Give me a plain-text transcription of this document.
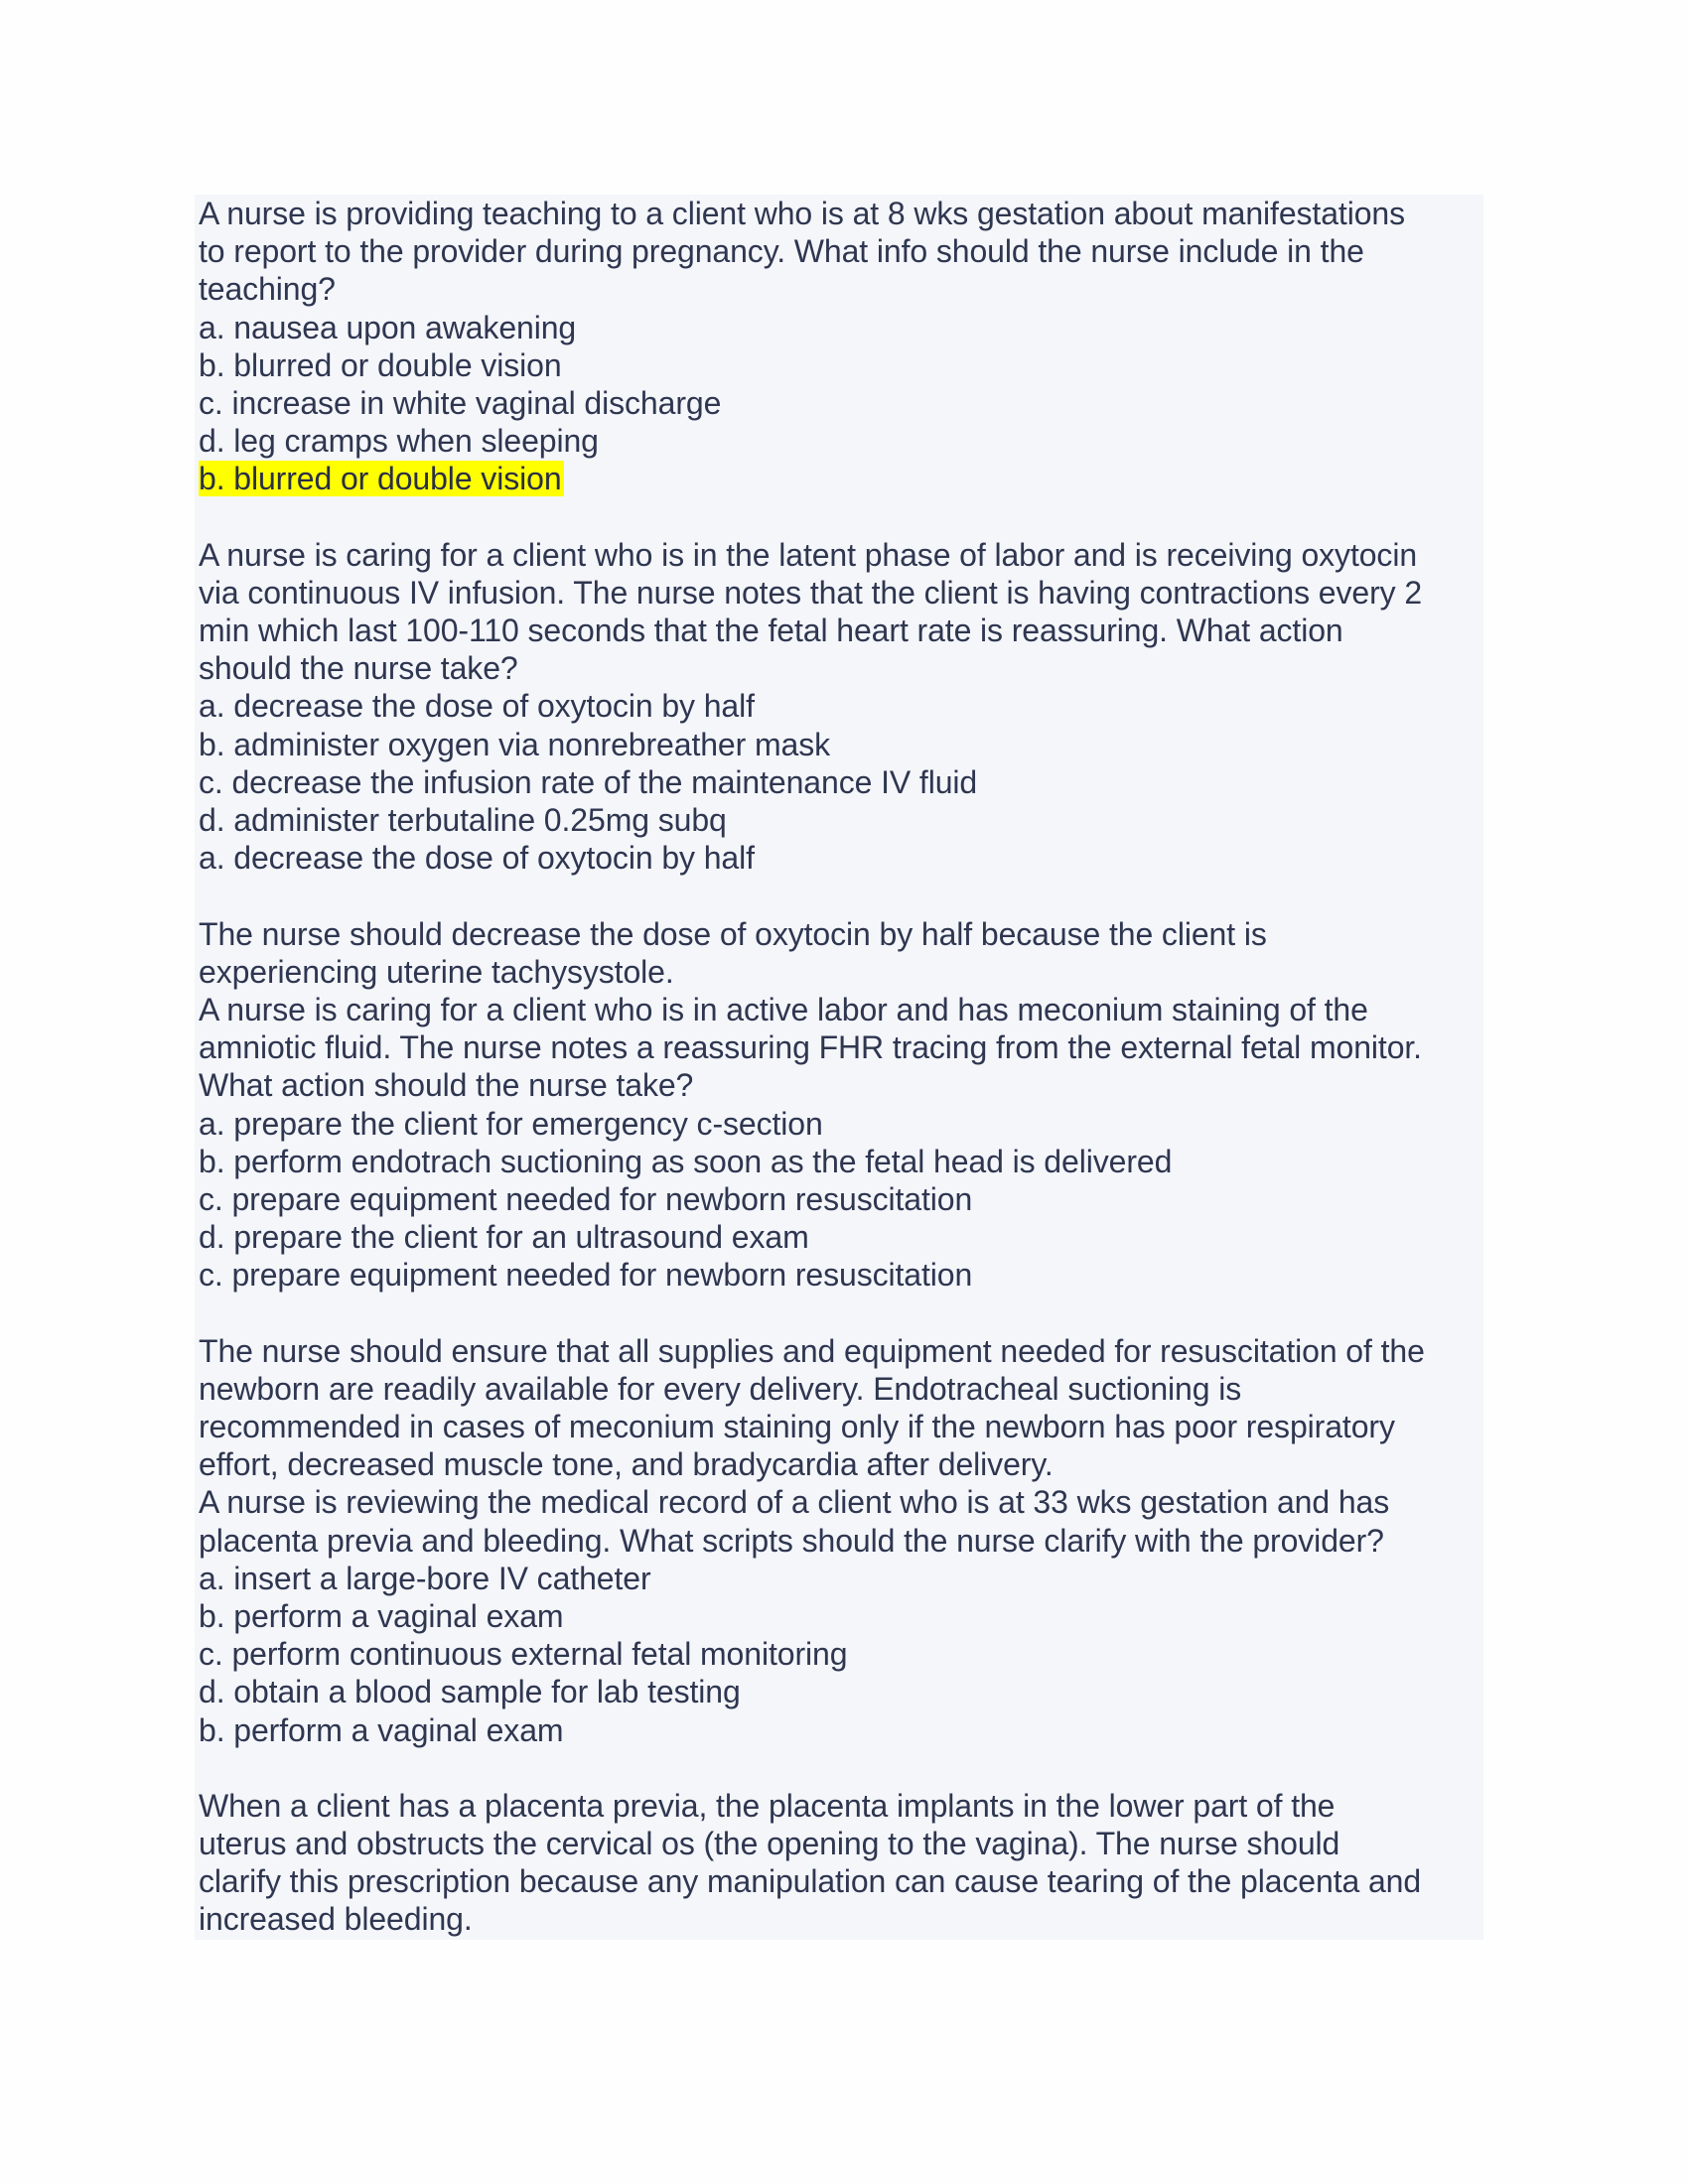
A nurse is providing teaching to a client who is at 8 wks gestation about manifestations
to report to the provider during pregnancy. What info should the nurse include in the
teaching?
a. nausea upon awakening
b. blurred or double vision
c. increase in white vaginal discharge
d. leg cramps when sleeping
b. blurred or double vision
A nurse is caring for a client who is in the latent phase of labor and is receiving oxytocin
via continuous IV infusion. The nurse notes that the client is having contractions every 2
min which last 100-110 seconds that the fetal heart rate is reassuring. What action
should the nurse take?
a. decrease the dose of oxytocin by half
b. administer oxygen via nonrebreather mask
c. decrease the infusion rate of the maintenance IV fluid
d. administer terbutaline 0.25mg subq
a. decrease the dose of oxytocin by half
The nurse should decrease the dose of oxytocin by half because the client is
experiencing uterine tachysystole.
A nurse is caring for a client who is in active labor and has meconium staining of the
amniotic fluid. The nurse notes a reassuring FHR tracing from the external fetal monitor.
What action should the nurse take?
a. prepare the client for emergency c-section
b. perform endotrach suctioning as soon as the fetal head is delivered
c. prepare equipment needed for newborn resuscitation
d. prepare the client for an ultrasound exam
c. prepare equipment needed for newborn resuscitation
The nurse should ensure that all supplies and equipment needed for resuscitation of the
newborn are readily available for every delivery. Endotracheal suctioning is
recommended in cases of meconium staining only if the newborn has poor respiratory
effort, decreased muscle tone, and bradycardia after delivery.
A nurse is reviewing the medical record of a client who is at 33 wks gestation and has
placenta previa and bleeding. What scripts should the nurse clarify with the provider?
a. insert a large-bore IV catheter
b. perform a vaginal exam
c. perform continuous external fetal monitoring
d. obtain a blood sample for lab testing
b. perform a vaginal exam
When a client has a placenta previa, the placenta implants in the lower part of the
uterus and obstructs the cervical os (the opening to the vagina). The nurse should
clarify this prescription because any manipulation can cause tearing of the placenta and
increased bleeding.
